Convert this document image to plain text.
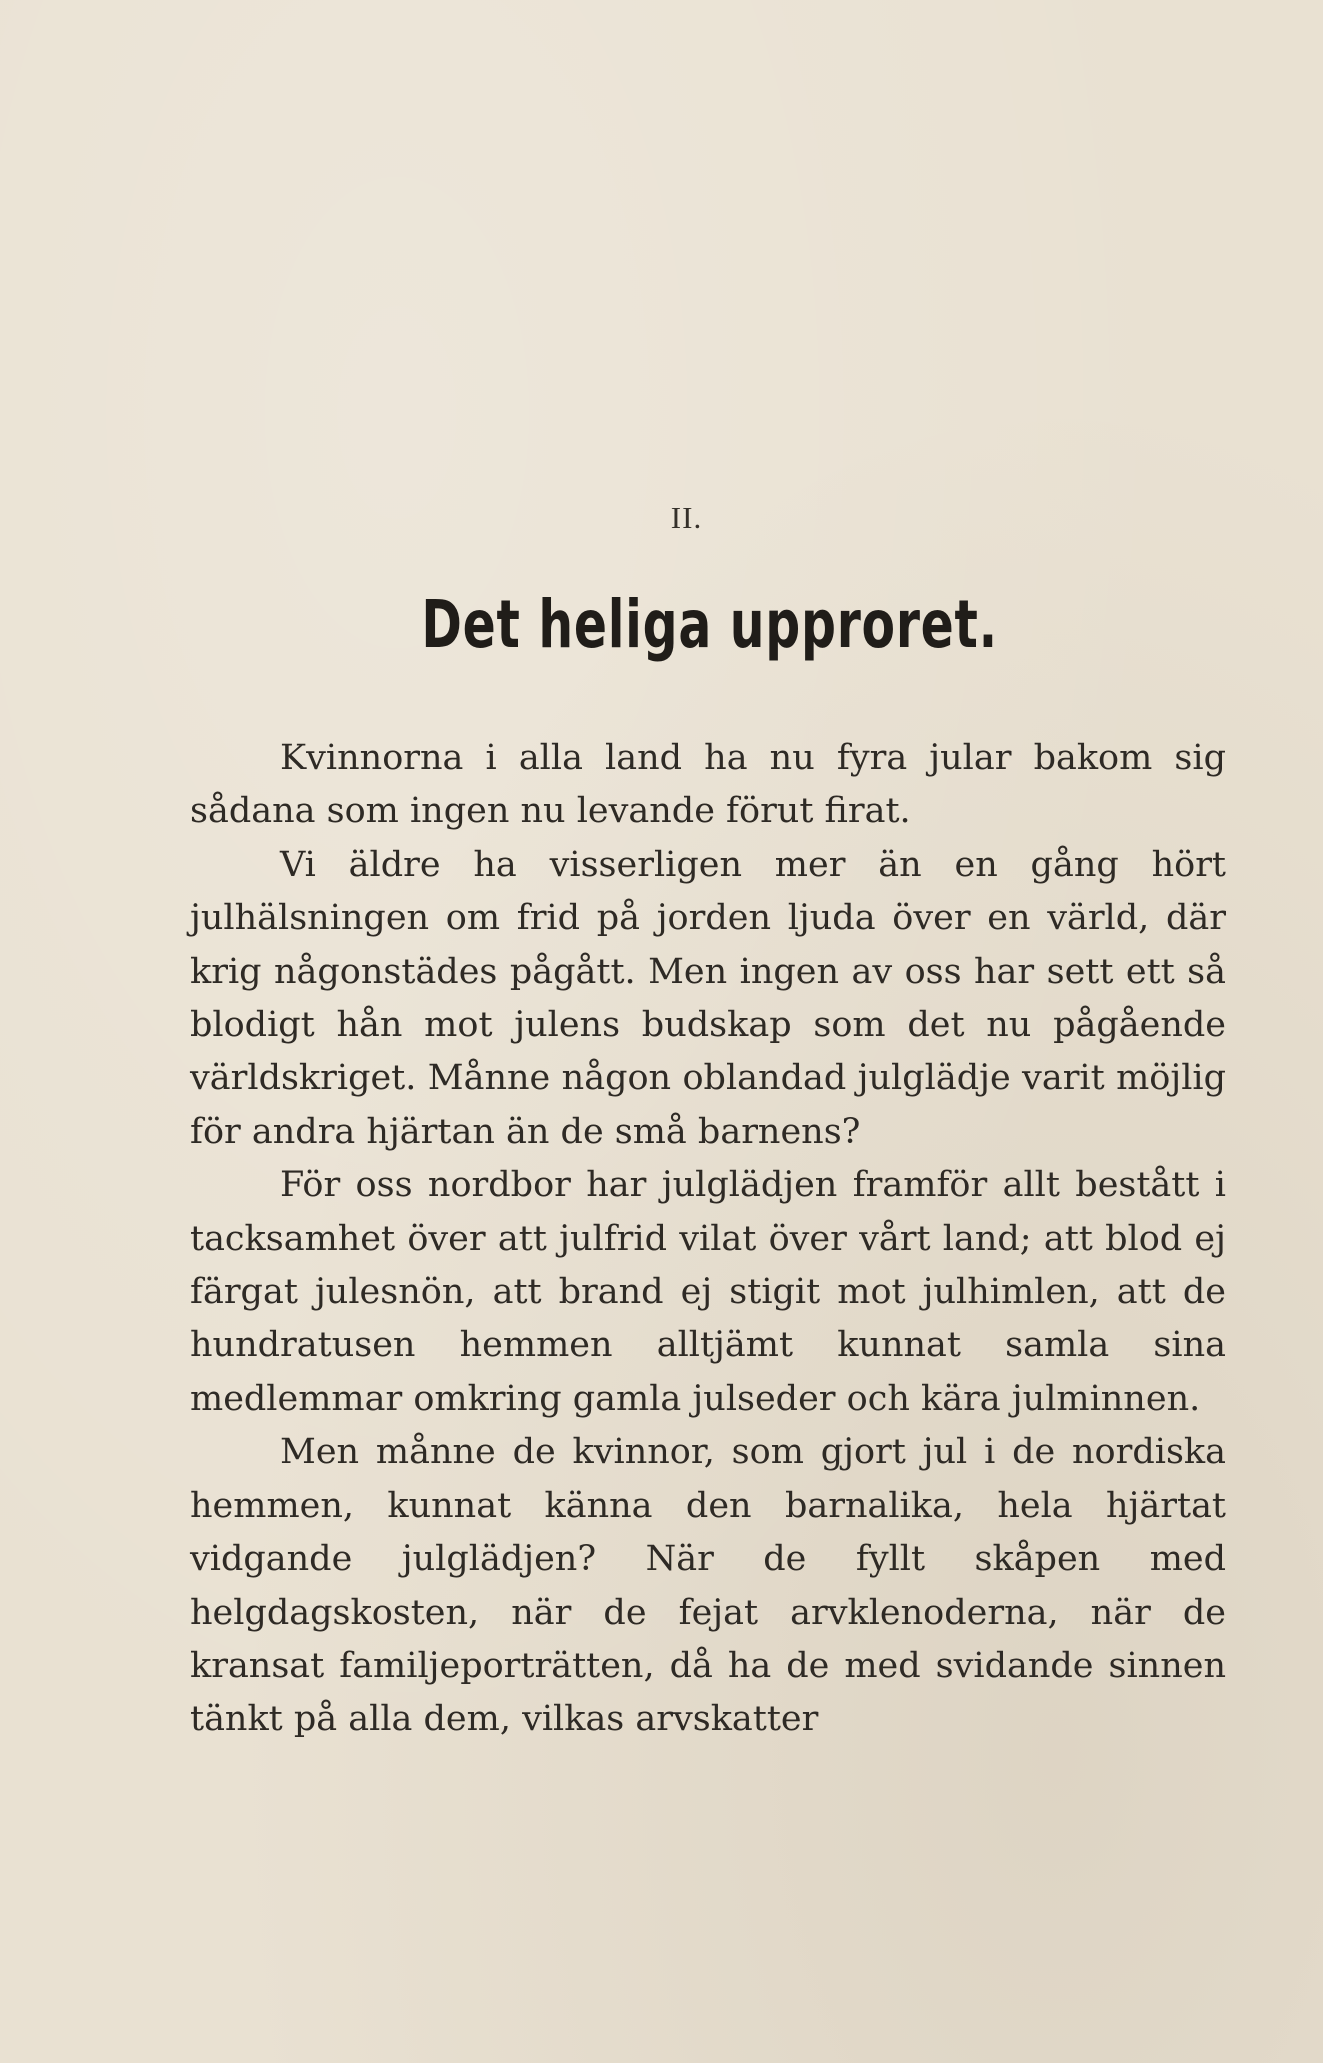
II.
Det heliga upproret.

Kvinnorna i alla land ha nu fyra jular bakom sig sådana som ingen nu levande förut firat.

Vi äldre ha visserligen mer än en gång hört julhälsningen om frid på jorden ljuda över en värld, där krig någonstädes pågått. Men ingen av oss har sett ett så blodigt hån mot julens budskap som det nu pågående världskriget. Månne någon oblandad julglädje varit möjlig för andra hjärtan än de små barnens?

För oss nordbor har julglädjen framför allt bestått i tacksamhet över att julfrid vilat över vårt land; att blod ej färgat julesnön, att brand ej stigit mot julhimlen, att de hundratusen hemmen alltjämt kunnat samla sina medlemmar omkring gamla julseder och kära julminnen.

Men månne de kvinnor, som gjort jul i de nordiska hemmen, kunnat känna den barnalika, hela hjärtat vidgande julglädjen? När de fyllt skåpen med helgdagskosten, när de fejat arvklenoderna, när de kransat familjeporträtten, då ha de med svidande sinnen tänkt på alla dem, vilkas arvskatter
